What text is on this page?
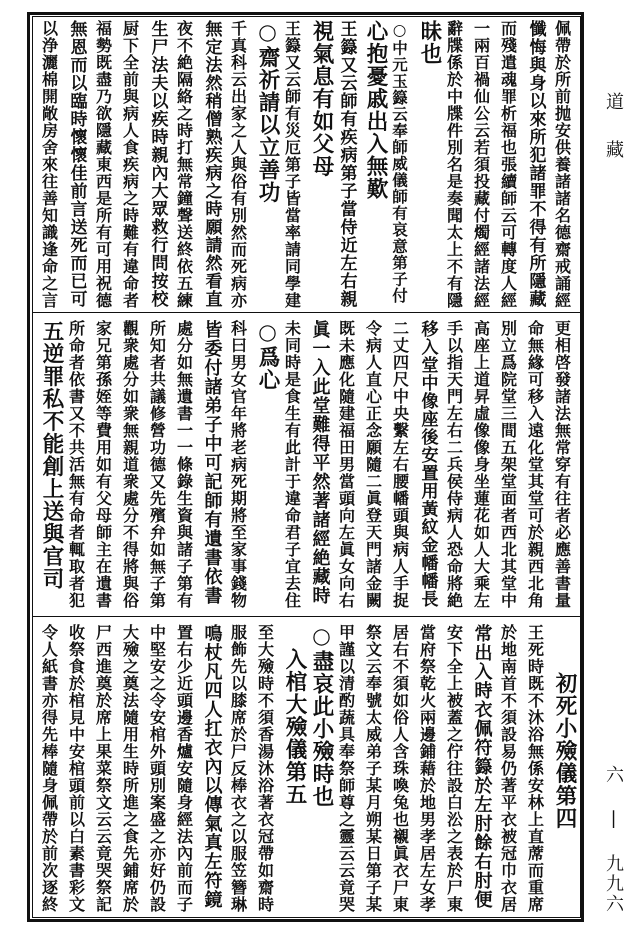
道　藏
六 | 九九六
佩帶於所前抛安供養諸諸名德齋戒誦經
懺悔與身以來所犯諸罪不得有所隱藏
而殘遣魂罪析福也張續師云可轉度人經
一兩百禍仙公云若須投藏付燭經諸法經
辭牒係於中牒件別名是奏聞太上不有隱
昧也
○中元玉籙云奉師威儀師有哀意第子付
心抱憂戚出入無歎
王籙又云師有疾病第子當侍近左右親
視氣息有如父母
王籙又云師有災厄第子皆當率請同學建
○齋祈請以立善功
千真科云出家之人與俗有別然而死病亦
無定法然稍僧熟疾病之時願請然看直
夜不絶隔絡之時打無常鐘聲送終依五練
生尸法夫以疾時親內大眾救行問按校
厨下全前與病人食疾病之時難有違命者
福勢既盡乃欲隱藏東西是所有可用祝德
無恩而以臨時懷懷佳前言送死而已可
以浄灑棉開敞房舍來往善知識逢命之言
更相啓發諸法無常穿有往者必應善書量
命無緣可移入遠化堂其堂可於親西北角
別立爲院堂三間五架堂面者西北其堂中
高座上道昇虛像像身坐蓮花如人大乘左
手以指天門左右二兵侯侍病人恐命將絶
移入堂中像座後安置用黃紋金幡幡長
二丈四尺中央繫左右腰幡頭與病人手捉
令病人直心正念願隨二眞登天門諸金闕
既未應化隨建福田男當頭向左眞女向右
眞一入此堂難得平然著諸經絶藏時
未同時是食生有此計于違命君子宜去住
○爲心
科曰男女官年將老病死期將至家事錢物
皆委付諸弟子中可記師有遺書依書
處分如無遺書一一條錄生資與諸子第有
所知者共議修營功德又先殯弁如無子第
觀衆處分如衆無親道衆處分不得將與俗
家兄第孫姪等費用如有父母師主在遺書
所命者依書又不共活無有命者輒取者犯
五逆罪私不能創上送與官司
初死小殮儀第四
王死時既不沐浴無係安林上直蓆而重席
於地南首不須設易仍著平衣被冠巾衣居
常出入時衣佩符籙於左肘餘右肘便
安下全上被蓋之佇往設白㳂之表於尸東
當府祭乾火兩邊鋪藉於地男孝居左女孝
居右不須如俗人含珠喚兔也襯眞衣尸東
祭文云奉號太威弟子某月朔某日第子某
甲謹以清酌蔬具奉祭師尊之靈云云竟哭
○盡哀此小殮時也
入棺大殮儀第五
至大殮時不須香湯沐浴著衣冠帶如齋時
服飾先以膝席於尸反棒衣之以服笠簪琳
鳴杖凡四人扛衣內以傳氣真左符鏡
置右少近頭邊香爐安隨身經法內前而子
中堅安之令安棺外頭別案盛之亦好仍設
大殮之奠法隨用生時所進之食先鋪席於
尸西進奠於席上果菜祭文云云竟哭祭記
收祭食於棺見中安棺頭前以白素書彩文
令人紙書亦得先棒隨身佩帶於前次逐終
